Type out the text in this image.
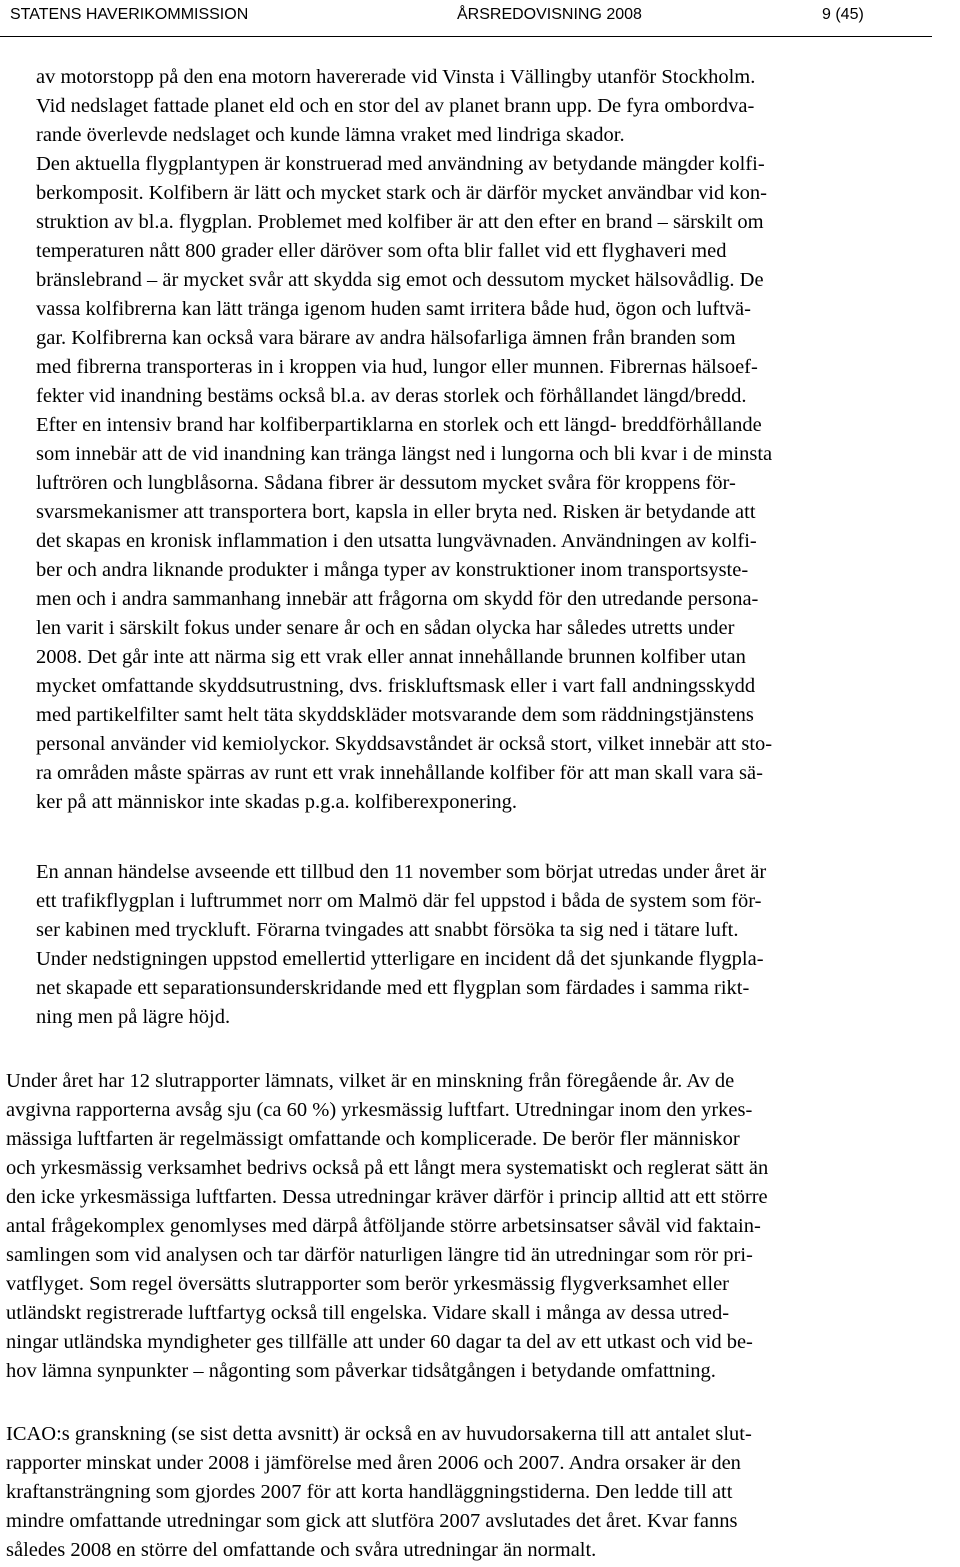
STATENS HAVERIKOMMISSION	ÅRSREDOVISNING 2008	9 (45)
av motorstopp på den ena motorn havererade vid Vinsta i Vällingby utanför Stockholm.
Vid nedslaget fattade planet eld och en stor del av planet brann upp. De fyra ombordva-
rande överlevde nedslaget och kunde lämna vraket med lindriga skador.
Den aktuella flygplantypen är konstruerad med användning av betydande mängder kolfi-
berkomposit. Kolfibern är lätt och mycket stark och är därför mycket användbar vid kon-
struktion av bl.a. flygplan. Problemet med kolfiber är att den efter en brand – särskilt om
temperaturen nått 800 grader eller däröver som ofta blir fallet vid ett flyghaveri med
bränslebrand – är mycket svår att skydda sig emot och dessutom mycket hälsovådlig. De
vassa kolfibrerna kan lätt tränga igenom huden samt irritera både hud, ögon och luftvä-
gar. Kolfibrerna kan också vara bärare av andra hälsofarliga ämnen från branden som
med fibrerna transporteras in i kroppen via hud, lungor eller munnen. Fibrernas hälsoef-
fekter vid inandning bestäms också bl.a. av deras storlek och förhållandet längd/bredd.
Efter en intensiv brand har kolfiberpartiklarna en storlek och ett längd- breddförhållande
som innebär att de vid inandning kan tränga längst ned i lungorna och bli kvar i de minsta
luftrören och lungblåsorna. Sådana fibrer är dessutom mycket svåra för kroppens för-
svarsmekanismer att transportera bort, kapsla in eller bryta ned. Risken är betydande att
det skapas en kronisk inflammation i den utsatta lungvävnaden. Användningen av kolfi-
ber och andra liknande produkter i många typer av konstruktioner inom transportsyste-
men och i andra sammanhang innebär att frågorna om skydd för den utredande persona-
len varit i särskilt fokus under senare år och en sådan olycka har således utretts under
2008. Det går inte att närma sig ett vrak eller annat innehållande brunnen kolfiber utan
mycket omfattande skyddsutrustning, dvs. friskluftsmask eller i vart fall andningsskydd
med partikelfilter samt helt täta skyddskläder motsvarande dem som räddningstjänstens
personal använder vid kemiolyckor. Skyddsavståndet är också stort, vilket innebär att sto-
ra områden måste spärras av runt ett vrak innehållande kolfiber för att man skall vara sä-
ker på att människor inte skadas p.g.a. kolfiberexponering.
En annan händelse avseende ett tillbud den 11 november som börjat utredas under året är
ett trafikflygplan i luftrummet norr om Malmö där fel uppstod i båda de system som för-
ser kabinen med tryckluft. Förarna tvingades att snabbt försöka ta sig ned i tätare luft.
Under nedstigningen uppstod emellertid ytterligare en incident då det sjunkande flygpla-
net skapade ett separationsunderskridande med ett flygplan som färdades i samma rikt-
ning men på lägre höjd.
Under året har 12 slutrapporter lämnats, vilket är en minskning från föregående år. Av de
avgivna rapporterna avsåg sju (ca 60 %) yrkesmässig luftfart. Utredningar inom den yrkes-
mässiga luftfarten är regelmässigt omfattande och komplicerade. De berör fler människor
och yrkesmässig verksamhet bedrivs också på ett långt mera systematiskt och reglerat sätt än
den icke yrkesmässiga luftfarten. Dessa utredningar kräver därför i princip alltid att ett större
antal frågekomplex genomlyses med därpå åtföljande större arbetsinsatser såväl vid faktain-
samlingen som vid analysen och tar därför naturligen längre tid än utredningar som rör pri-
vatflyget. Som regel översätts slutrapporter som berör yrkesmässig flygverksamhet eller
utländskt registrerade luftfartyg också till engelska. Vidare skall i många av dessa utred-
ningar utländska myndigheter ges tillfälle att under 60 dagar ta del av ett utkast och vid be-
hov lämna synpunkter – någonting som påverkar tidsåtgången i betydande omfattning.
ICAO:s granskning (se sist detta avsnitt) är också en av huvudorsakerna till att antalet slut-
rapporter minskat under 2008 i jämförelse med åren 2006 och 2007. Andra orsaker är den
kraftansträngning som gjordes 2007 för att korta handläggningstiderna. Den ledde till att
mindre omfattande utredningar som gick att slutföra 2007 avslutades det året. Kvar fanns
således 2008 en större del omfattande och svåra utredningar än normalt.
